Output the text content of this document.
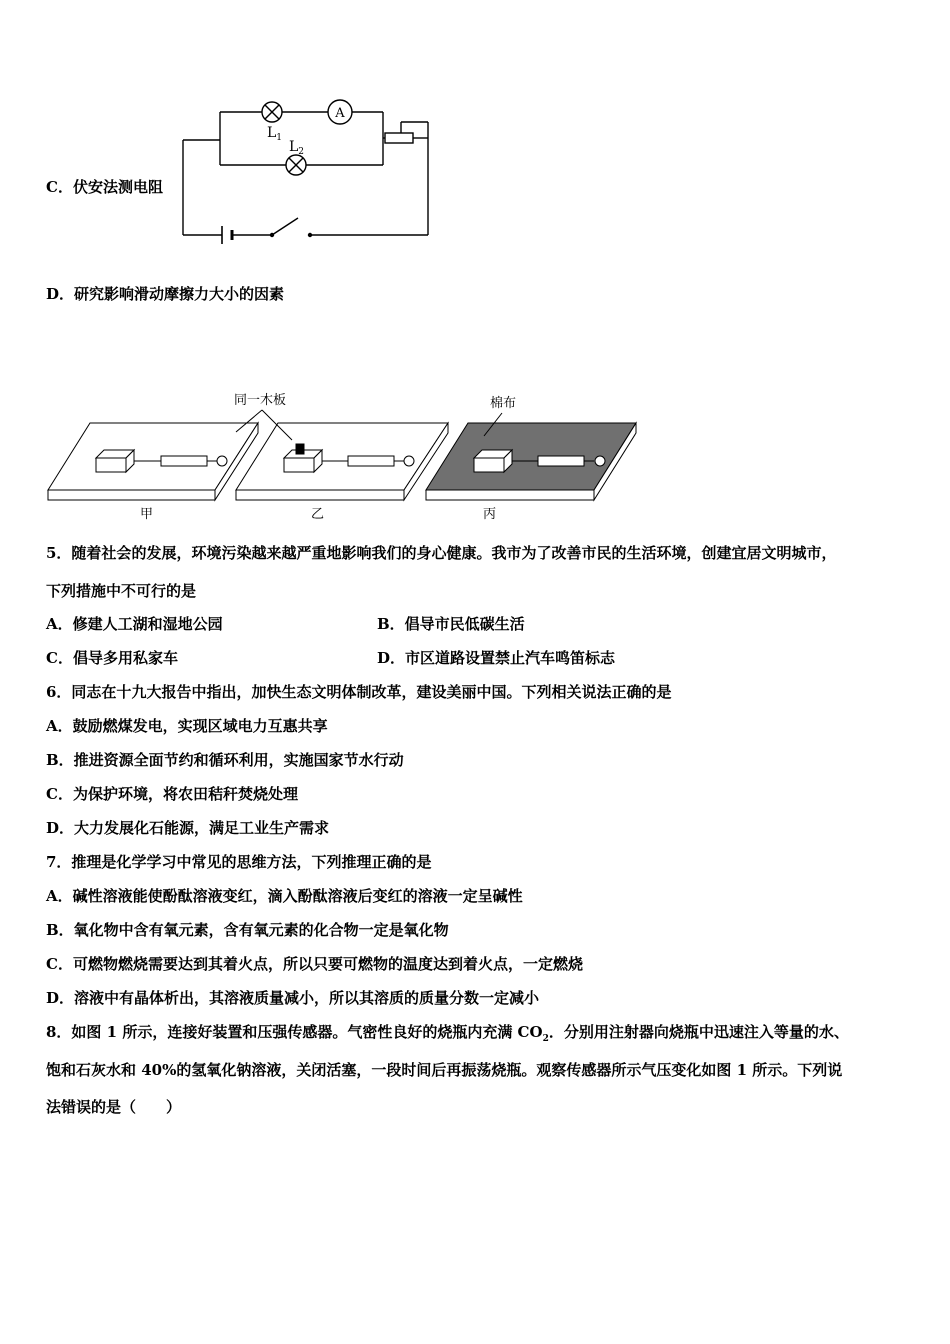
C．伏安法测电阻
A
$L_1$
$L_2$
D．研究影响滑动摩擦力大小的因素
同一木板	棉布
甲	乙	丙
5．随着社会的发展，环境污染越来越严重地影响我们的身心健康。我市为了改善市民的生活环境，创建宜居文明城市，
下列措施中不可行的是
A．修建人工湖和湿地公园	B．倡导市民低碳生活
C．倡导多用私家车	D．市区道路设置禁止汽车鸣笛标志
6．同志在十九大报告中指出，加快生态文明体制改革，建设美丽中国。下列相关说法正确的是
A．鼓励燃煤发电，实现区域电力互惠共享
B．推进资源全面节约和循环利用，实施国家节水行动
C．为保护环境，将农田秸秆焚烧处理
D．大力发展化石能源，满足工业生产需求
7．推理是化学学习中常见的思维方法，下列推理正确的是
A．碱性溶液能使酚酞溶液变红，滴入酚酞溶液后变红的溶液一定呈碱性
B．氧化物中含有氧元素，含有氧元素的化合物一定是氧化物
C．可燃物燃烧需要达到其着火点，所以只要可燃物的温度达到着火点，一定燃烧
D．溶液中有晶体析出，其溶液质量减小，所以其溶质的质量分数一定减小
8．如图 1 所示，连接好装置和压强传感器。气密性良好的烧瓶内充满 $CO_2$．分别用注射器向烧瓶中迅速注入等量的水、
饱和石灰水和 40%的氢氧化钠溶液，关闭活塞，一段时间后再振荡烧瓶。观察传感器所示气压变化如图 1 所示。下列说
法错误的是（　　）
